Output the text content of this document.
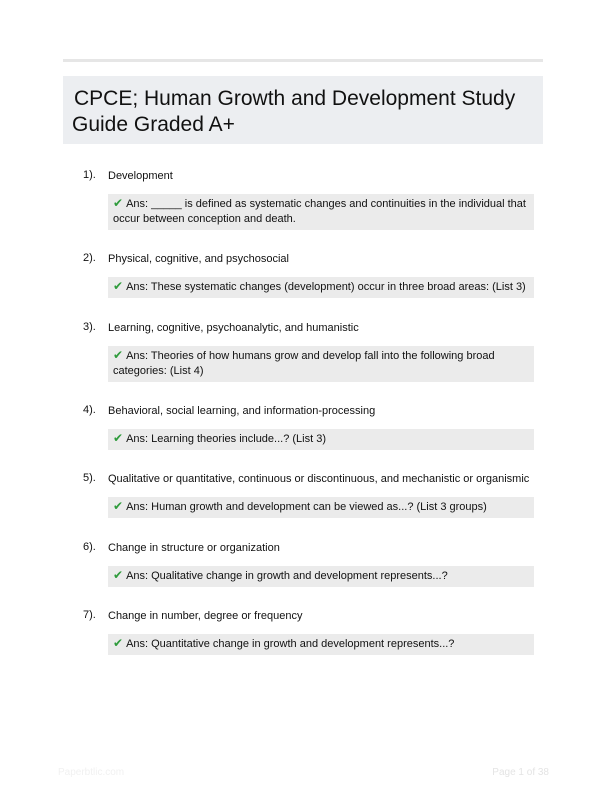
CPCE; Human Growth and Development Study Guide Graded A+
1). Development
✔ Ans: _____ is defined as systematic changes and continuities in the individual that occur between conception and death.
2). Physical, cognitive, and psychosocial
✔ Ans: These systematic changes (development) occur in three broad areas: (List 3)
3). Learning, cognitive, psychoanalytic, and humanistic
✔ Ans: Theories of how humans grow and develop fall into the following broad categories: (List 4)
4). Behavioral, social learning, and information-processing
✔ Ans: Learning theories include...? (List 3)
5). Qualitative or quantitative, continuous or discontinuous, and mechanistic or organismic
✔ Ans: Human growth and development can be viewed as...? (List 3 groups)
6). Change in structure or organization
✔ Ans: Qualitative change in growth and development represents...?
7). Change in number, degree or frequency
✔ Ans: Quantitative change in growth and development represents...?
Paperbtlic.com	Page 1 of 38
